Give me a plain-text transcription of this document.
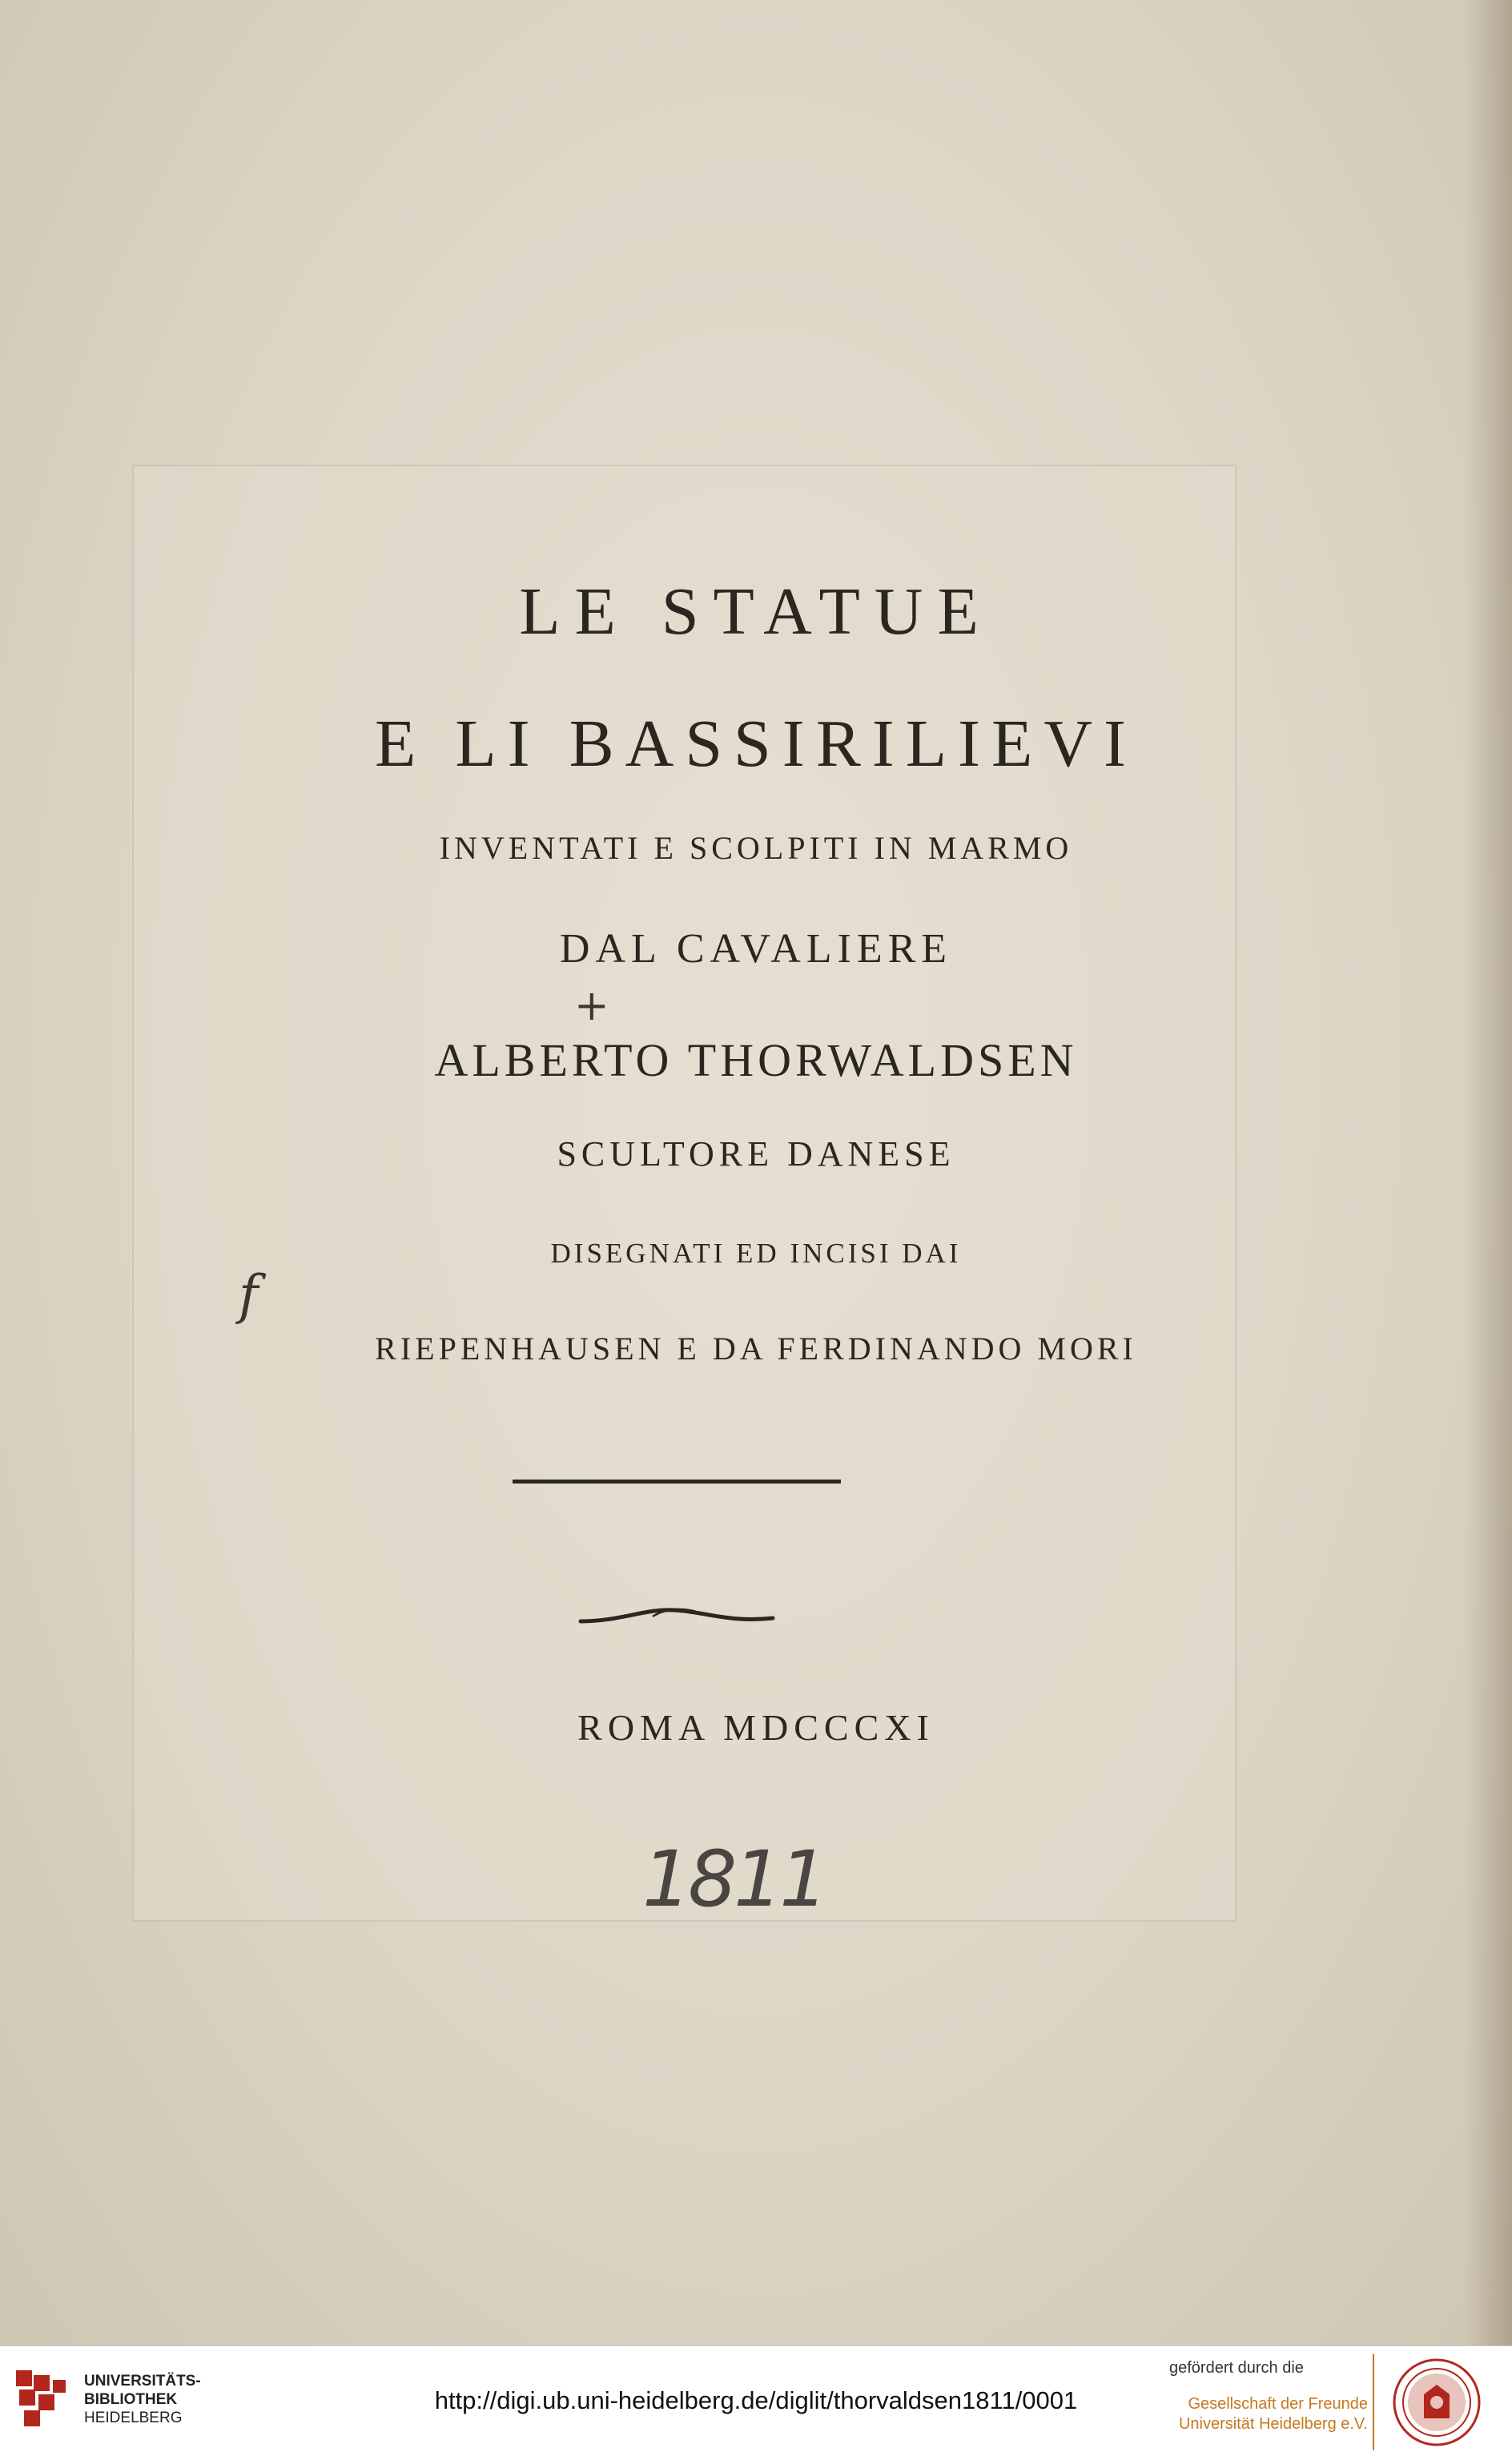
LE STATUE
E LI BASSIRILIEVI
INVENTATI E SCOLPITI IN MARMO
DAL CAVALIERE
ALBERTO THORWALDSEN
SCULTORE DANESE
DISEGNATI ED INCISI DAI
RIEPENHAUSEN E DA FERDINANDO MORI
ROMA MDCCCXI
+
f
1811
UNIVERSITÄTS-
BIBLIOTHEK
HEIDELBERG
http://digi.ub.uni-heidelberg.de/diglit/thorvaldsen1811/0001
gefördert durch die
Gesellschaft der Freunde
Universität Heidelberg e.V.
